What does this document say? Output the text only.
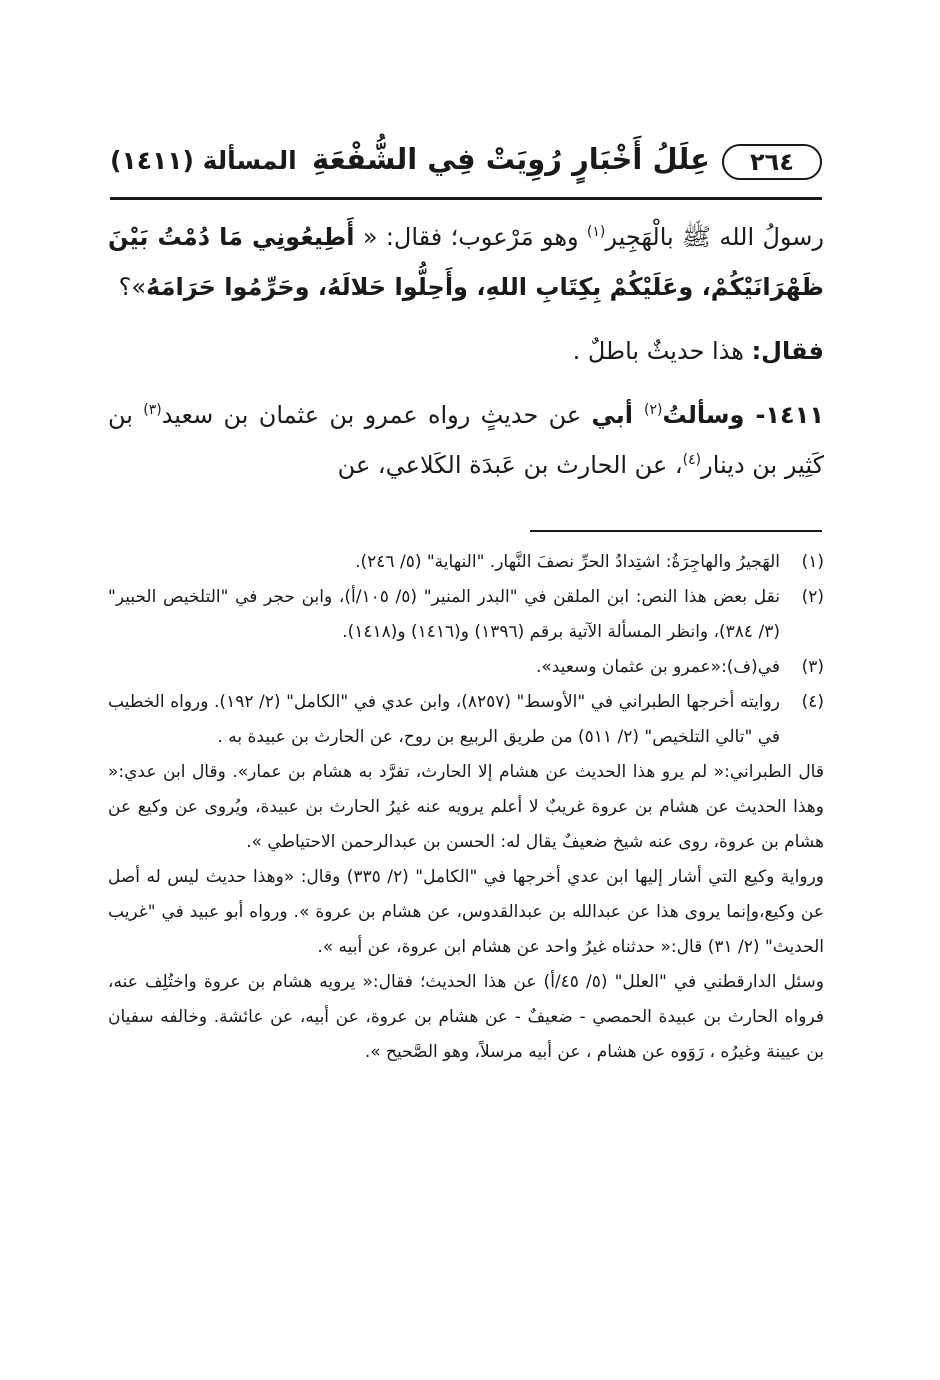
٢٦٤
عِلَلُ أَخْبَارٍ رُوِيَتْ فِي الشُّفْعَةِ
المسألة (١٤١١)

رسولُ الله ﷺ بالْهَجِير$^{(١)}$ وهو مَرْعوب؛ فقال: « أَطِيعُونِي مَا دُمْتُ بَيْنَ ظَهْرَانَيْكُمْ، وعَلَيْكُمْ بِكِتَابِ اللهِ، وأَحِلُّوا حَلالَهُ، وحَرِّمُوا حَرَامَهُ»؟

فقال: هذا حديثٌ باطلٌ .

١٤١١- وسألتُ$^{(٢)}$ أبي عن حديثٍ رواه عمرو بن عثمان بن سعيد$^{(٣)}$ بن كَثِير بن دينار$^{(٤)}$، عن الحارث بن عَبدَة الكَلاعي، عن

(١)

الهَجيرُ والهاجِرَةُ: اشتِدادُ الحرِّ نصفَ النَّهار. "النهاية" (٥/ ٢٤٦).

(٢)

نقل بعض هذا النص: ابن الملقن في "البدر المنير" (٥/ ١٠٥/أ)، وابن حجر في "التلخيص الحبير" (٣/ ٣٨٤)، وانظر المسألة الآتية برقم (١٣٩٦) و(١٤١٦) و(١٤١٨).

(٣)

في(ف):«عمرو بن عثمان وسعيد».

(٤)

روايته أخرجها الطبراني في "الأوسط" (٨٢٥٧)، وابن عدي في "الكامل" (٢/ ١٩٢). ورواه الخطيب في "تالي التلخيص" (٢/ ٥١١) من طريق الربيع بن روح، عن الحارث بن عبيدة به .

قال الطبراني:« لم يرو هذا الحديث عن هشام إلا الحارث، تفرَّد به هشام بن عمار». وقال ابن عدي:« وهذا الحديث عن هشام بن عروة غريبٌ لا أعلم يرويه عنه غيرُ الحارث بن عبيدة، ويُروى عن وكيع عن هشام بن عروة، روى عنه شيخ ضعيفٌ يقال له: الحسن بن عبدالرحمن الاحتياطي ».

ورواية وكيع التي أشار إليها ابن عدي أخرجها في "الكامل" (٢/ ٣٣٥) وقال: «وهذا حديث ليس له أصل عن وكيع،وإنما يروى هذا عن عبدالله بن عبدالقدوس، عن هشام بن عروة ». ورواه أبو عبيد في "غريب الحديث" (٢/ ٣١) قال:« حدثناه غيرُ واحد عن هشام ابن عروة، عن أبيه ».

وسئل الدارقطني في "العلل" (٥/ ٤٥/أ) عن هذا الحديث؛ فقال:« يرويه هشام بن عروة واختُلِف عنه، فرواه الحارث بن عبيدة الحمصي - ضعيفٌ - عن هشام بن عروة، عن أبيه، عن عائشة. وخالفه سفيان بن عيينة وغيرُه ، رَوَوه عن هشام ، عن أبيه مرسلاً، وهو الصَّحيح ».
